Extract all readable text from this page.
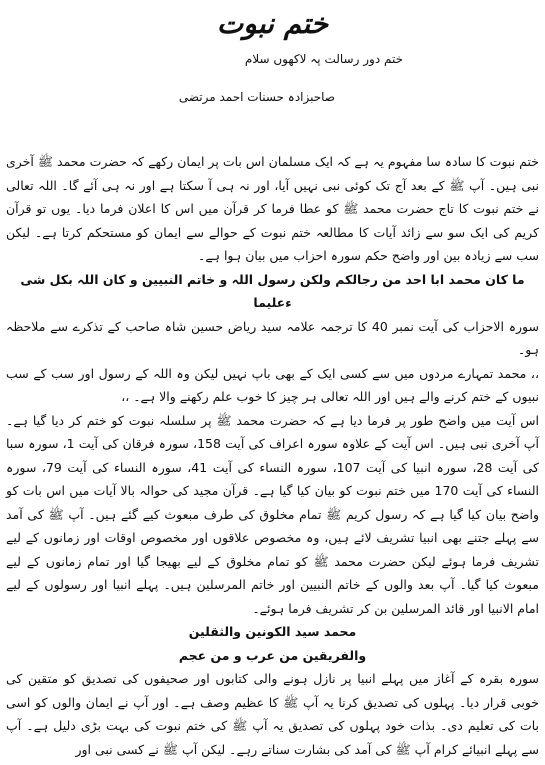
ختم نبوت
ختم دور رسالت پہ لاکھوں سلام
صاحبزادہ حسنات احمد مرتضی

ختم نبوت کا سادہ سا مفہوم یہ ہے کہ ایک مسلمان اس بات پر ایمان رکھے کہ حضرت محمد ﷺ آخری نبی ہیں۔ آپ ﷺ کے بعد آج تک کوئی نبی نہیں آیا، اور نہ ہی آ سکتا ہے اور نہ ہی آئے گا۔ اللہ تعالی نے ختم نبوت کا تاج حضرت محمد ﷺ کو عطا فرما کر قرآن میں اس کا اعلان فرما دیا۔ یوں تو قرآن کریم کی ایک سو سے زائد آیات کا مطالعہ ختم نبوت کے حوالے سے ایمان کو مستحکم کرتا ہے۔ لیکن سب سے زیادہ بین اور واضح حکم سورہ احزاب میں بیان ہوا ہے۔

ما کان محمد ابا احد من رجالکم ولکن رسول اللہ و خاتم النبیین و کان اللہ بکل شی ءعلیما

سورہ الاحزاب کی آیت نمبر 40 کا ترجمہ علامہ سید ریاض حسین شاہ صاحب کے تذکرے سے ملاحظہ ہو۔

،، محمد تمہارے مردوں میں سے کسی ایک کے بھی باپ نہیں لیکن وہ اللہ کے رسول اور سب کے سب نبیوں کے ختم کرنے والے ہیں اور اللہ تعالی ہر چیز کا خوب علم رکھنے والا ہے۔ ،،

اس آیت میں واضح طور پر فرما دیا ہے کہ حضرت محمد ﷺ پر سلسلہ نبوت کو ختم کر دیا گیا ہے۔ آپ آخری نبی ہیں۔ اس آیت کے علاوہ سورہ اعراف کی آیت 158، سورہ فرقان کی آیت 1، سورہ سبا کی آیت 28، سورہ انبیا کی آیت 107، سورہ النساء کی آیت 41، سورہ النساء کی آیت 79، سورہ النساء کی آیت 170 میں ختم نبوت کو بیان کیا گیا ہے۔ قرآن مجید کی حوالہ بالا آیات میں اس بات کو واضح بیان کیا گیا ہے کہ رسول کریم ﷺ تمام مخلوق کی طرف مبعوث کیے گئے ہیں۔ آپ ﷺ کی آمد سے پہلے جتنے بھی انبیا تشریف لائے ہیں، وہ مخصوص علاقوں اور مخصوص اوقات اور زمانوں کے لیے تشریف فرما ہوئے لیکن حضرت محمد ﷺ کو تمام مخلوق کے لیے بھیجا گیا اور تمام زمانوں کے لیے مبعوث کیا گیا۔ آپ بعد والوں کے خاتم النبیین اور خاتم المرسلین ہیں۔ پہلے انبیا اور رسولوں کے لیے امام الانبیا اور قائد المرسلین بن کر تشریف فرما ہوئے۔

محمد سید الکونین والثقلین

والفریقین من عرب و من عجم

سورہ بقرہ کے آغاز میں پہلے انبیا پر نازل ہونے والی کتابوں اور صحیفوں کی تصدیق کو متقین کی خوبی قرار دیا۔ پہلوں کی تصدیق کرنا یہ آپ ﷺ کا عظیم وصف ہے۔ اور آپ نے ایمان والوں کو اسی بات کی تعلیم دی۔ بذات خود پہلوں کی تصدیق یہ آپ ﷺ کی ختم نبوت کی بہت بڑی دلیل ہے۔ آپ سے پہلے انبیائے کرام آپ ﷺ کی آمد کی بشارت سناتے رہے۔ لیکن آپ ﷺ نے کسی نبی اور
